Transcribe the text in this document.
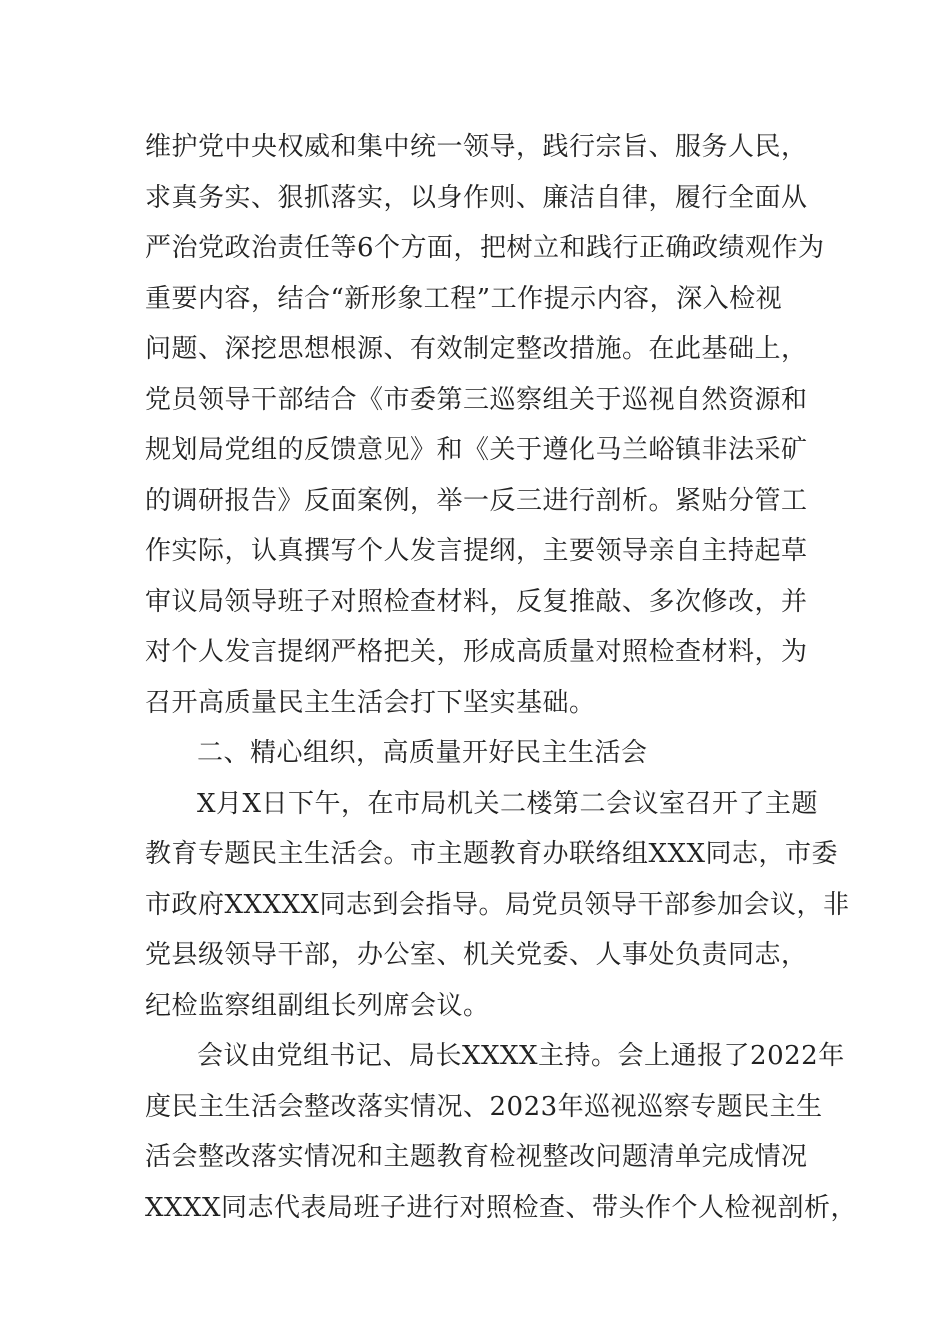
维护党中央权威和集中统一领导，践行宗旨、服务人民，
求真务实、狠抓落实，以身作则、廉洁自律，履行全面从
严治党政治责任等6个方面，把树立和践行正确政绩观作为
重要内容，结合“新形象工程”工作提示内容，深入检视
问题、深挖思想根源、有效制定整改措施。在此基础上，
党员领导干部结合《市委第三巡察组关于巡视自然资源和
规划局党组的反馈意见》和《关于遵化马兰峪镇非法采矿
的调研报告》反面案例，举一反三进行剖析。紧贴分管工
作实际，认真撰写个人发言提纲，主要领导亲自主持起草
审议局领导班子对照检查材料，反复推敲、多次修改，并
对个人发言提纲严格把关，形成高质量对照检查材料，为
召开高质量民主生活会打下坚实基础。
二、精心组织，高质量开好民主生活会
X月X日下午，在市局机关二楼第二会议室召开了主题
教育专题民主生活会。市主题教育办联络组XXX同志，市委
市政府XXXXX同志到会指导。局党员领导干部参加会议，非
党县级领导干部，办公室、机关党委、人事处负责同志，
纪检监察组副组长列席会议。
会议由党组书记、局长XXXX主持。会上通报了2022年
度民主生活会整改落实情况、2023年巡视巡察专题民主生
活会整改落实情况和主题教育检视整改问题清单完成情况
XXXX同志代表局班子进行对照检查、带头作个人检视剖析，
